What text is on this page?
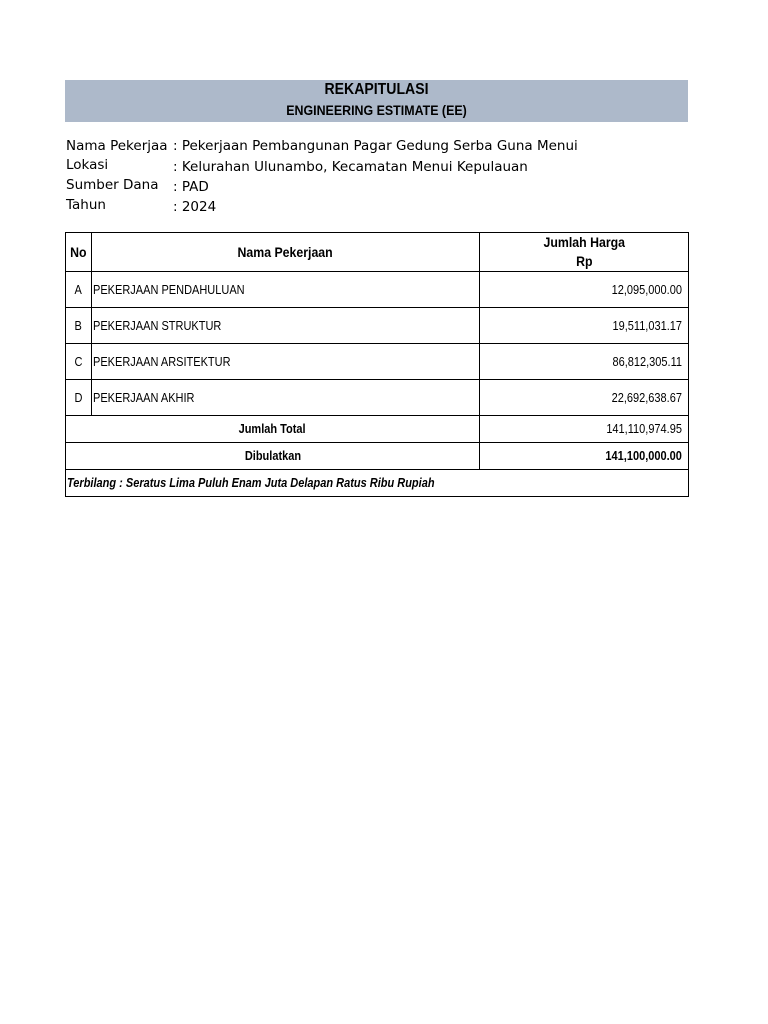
REKAPITULASI
ENGINEERING ESTIMATE (EE)
Nama Pekerjaa : Pekerjaan Pembangunan Pagar Gedung Serba Guna Menui
Lokasi	: Kelurahan Ulunambo, Kecamatan Menui Kepulauan
Sumber Dana : PAD
Tahun	: 2024
No	Nama Pekerjaan	Jumlah Harga
Rp

A	PEKERJAAN PENDAHULUAN	12,095,000.00
B	PEKERJAAN STRUKTUR	19,511,031.17
C	PEKERJAAN ARSITEKTUR	86,812,305.11
D	PEKERJAAN AKHIR	22,692,638.67
Jumlah Total		141,110,974.95
Dibulatkan		141,100,000.00
Terbilang : Seratus Lima Puluh Enam Juta Delapan Ratus Ribu Rupiah		
